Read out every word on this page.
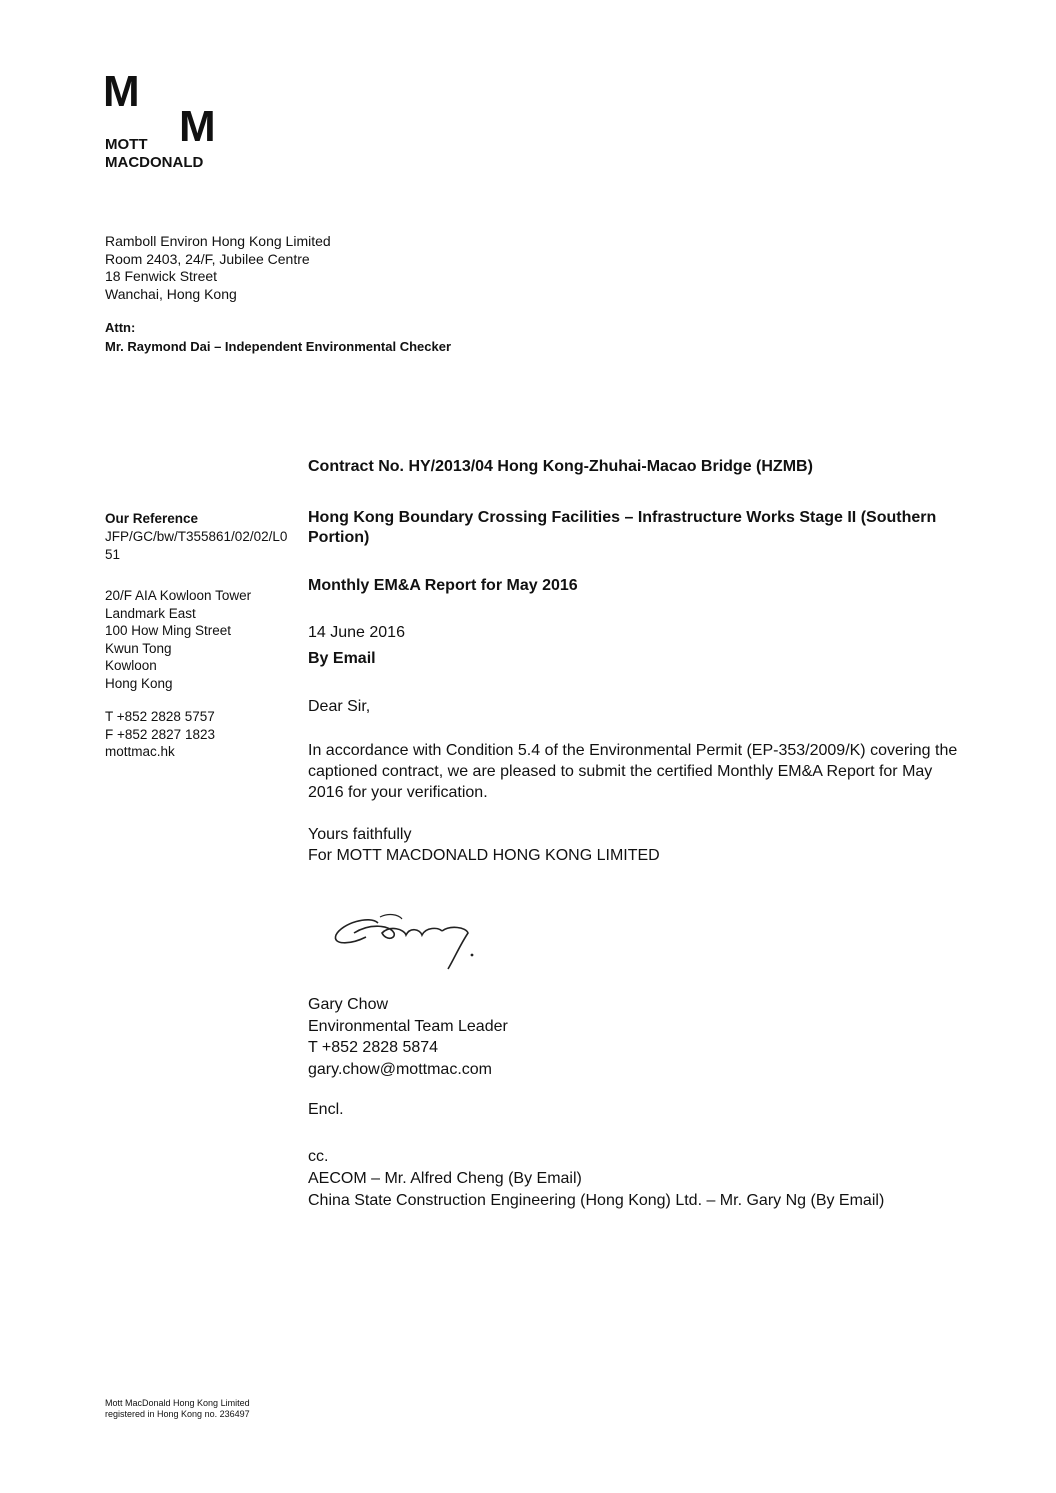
M
M
MOTT
MACDONALD
Ramboll Environ Hong Kong Limited
Room 2403, 24/F, Jubilee Centre
18 Fenwick Street
Wanchai, Hong Kong
Attn:
Mr. Raymond Dai – Independent Environmental Checker
Our Reference
JFP/GC/bw/T355861/02/02/L051
20/F AIA Kowloon Tower
Landmark East
100 How Ming Street
Kwun Tong
Kowloon
Hong Kong
T +852 2828 5757
F +852 2827 1823
mottmac.hk
Contract No. HY/2013/04 Hong Kong-Zhuhai-Macao Bridge (HZMB)
Hong Kong Boundary Crossing Facilities – Infrastructure Works Stage II (Southern Portion)
Monthly EM&A Report for May 2016
14 June 2016
By Email
Dear Sir,
In accordance with Condition 5.4 of the Environmental Permit (EP-353/2009/K) covering the captioned contract, we are pleased to submit the certified Monthly EM&A Report for May 2016 for your verification.
Yours faithfully
For MOTT MACDONALD HONG KONG LIMITED
Gary Chow
Environmental Team Leader
T +852 2828 5874
gary.chow@mottmac.com
Encl.
cc.
AECOM – Mr. Alfred Cheng (By Email)
China State Construction Engineering (Hong Kong) Ltd. – Mr. Gary Ng (By Email)
Mott MacDonald Hong Kong Limited
registered in Hong Kong no. 236497
